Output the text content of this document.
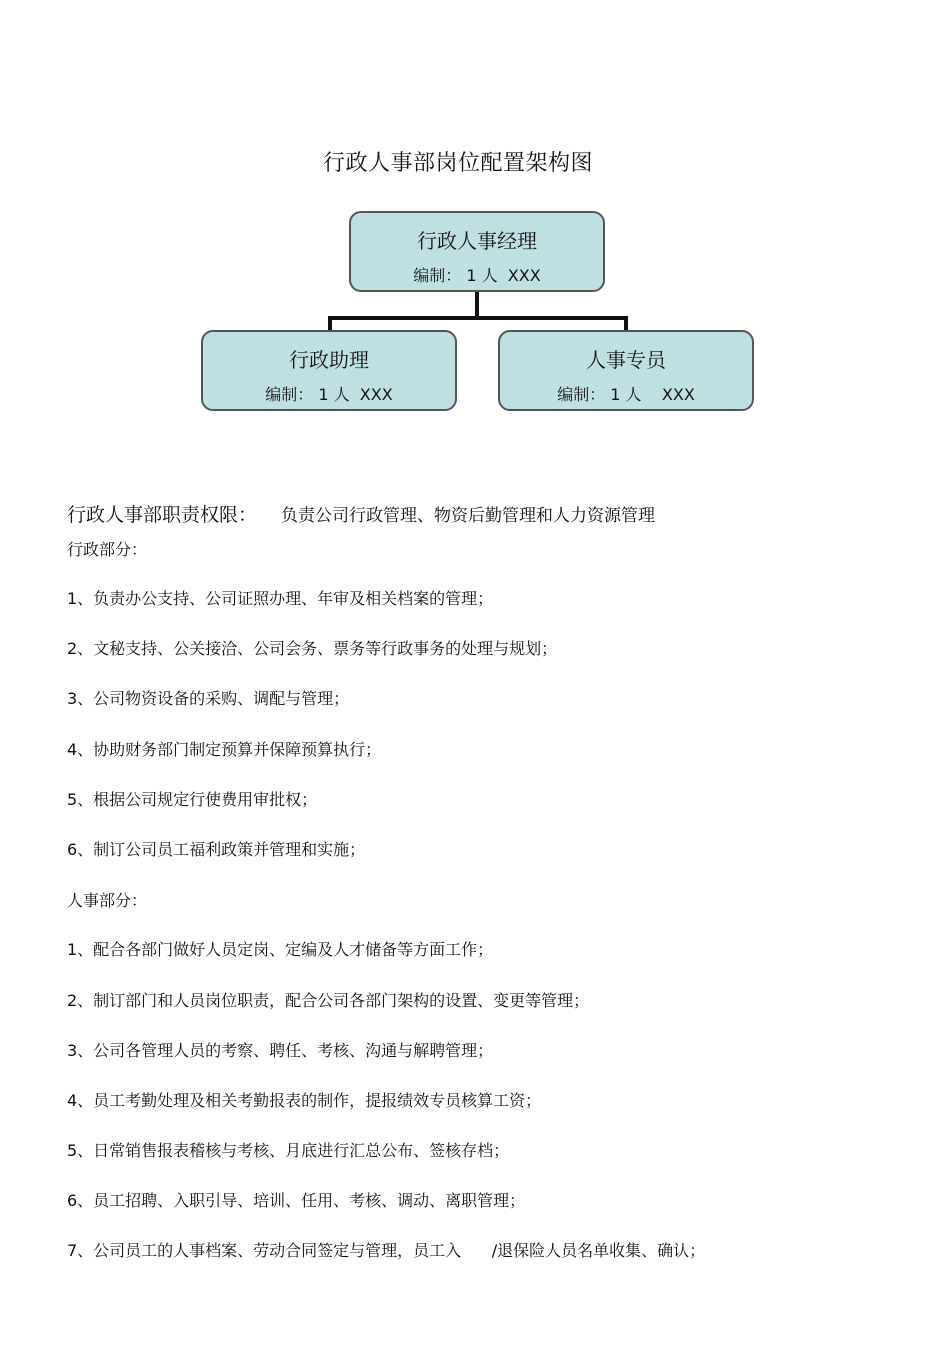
行政人事部岗位配置架构图
行政人事经理
编制： 1 人  XXX
行政助理
编制： 1 人  XXX
人事专员
编制： 1 人    XXX
行政人事部职责权限： 负责公司行政管理、物资后勤管理和人力资源管理
行政部分：
1、负责办公支持、公司证照办理、年审及相关档案的管理；
2、文秘支持、公关接洽、公司会务、票务等行政事务的处理与规划；
3、公司物资设备的采购、调配与管理；
4、协助财务部门制定预算并保障预算执行；
5、根据公司规定行使费用审批权；
6、制订公司员工福利政策并管理和实施；
人事部分：
1、配合各部门做好人员定岗、定编及人才储备等方面工作；
2、制订部门和人员岗位职责，配合公司各部门架构的设置、变更等管理；
3、公司各管理人员的考察、聘任、考核、沟通与解聘管理；
4、员工考勤处理及相关考勤报表的制作，提报绩效专员核算工资；
5、日常销售报表稽核与考核、月底进行汇总公布、签核存档；
6、员工招聘、入职引导、培训、任用、考核、调动、离职管理；
7、公司员工的人事档案、劳动合同签定与管理，员工入      /退保险人员名单收集、确认；
